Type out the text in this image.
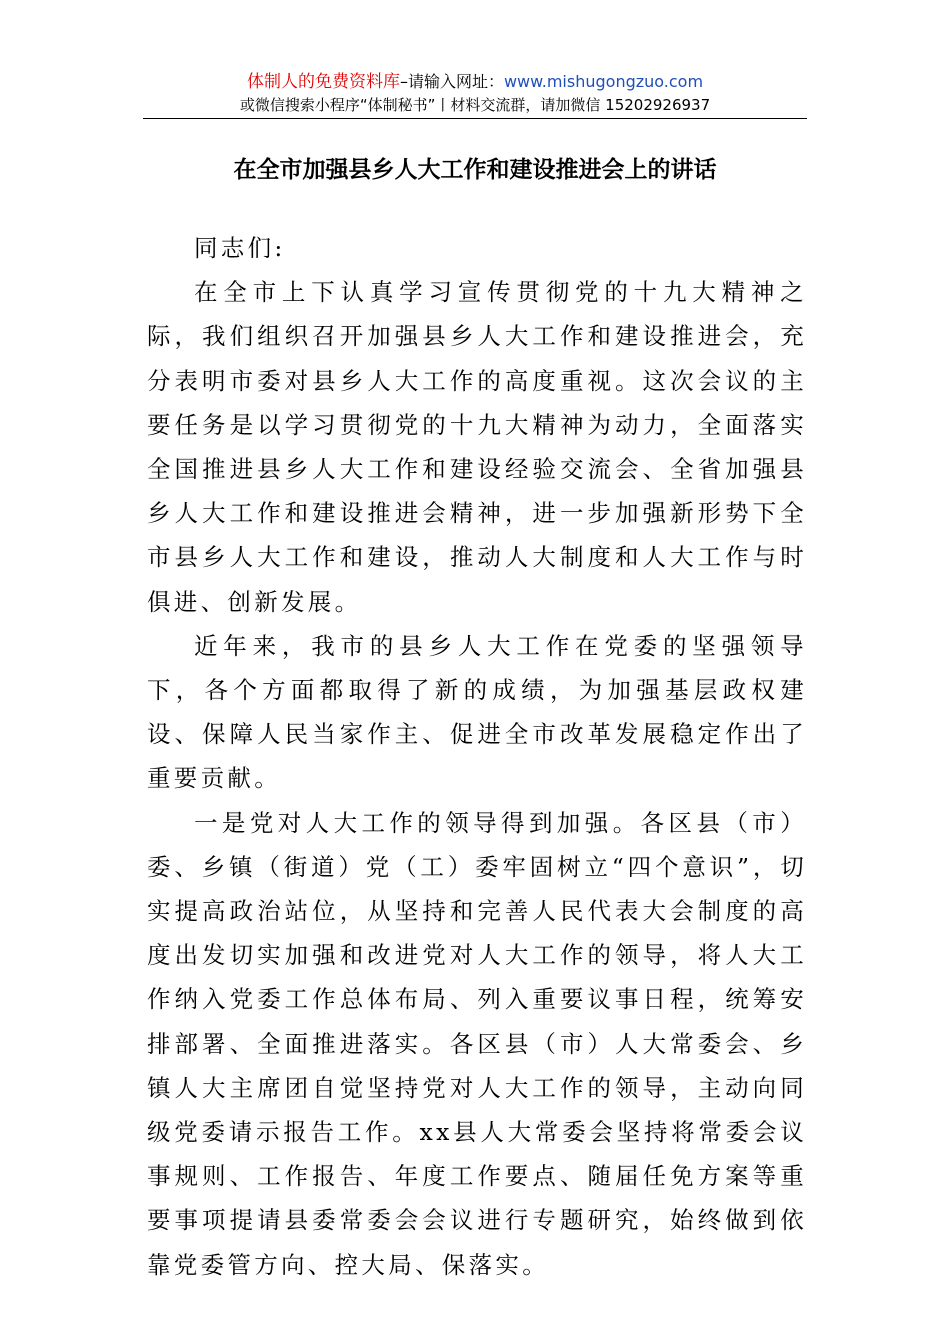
体制人的免费资料库–请输入网址：www.mishugongzuo.com
或微信搜索小程序“体制秘书”丨材料交流群，请加微信 15202926937
在全市加强县乡人大工作和建设推进会上的讲话

同志们:

在全市上下认真学习宣传贯彻党的十九大精神之际，我们组织召开加强县乡人大工作和建设推进会，充分表明市委对县乡人大工作的高度重视。这次会议的主要任务是以学习贯彻党的十九大精神为动力，全面落实全国推进县乡人大工作和建设经验交流会、全省加强县乡人大工作和建设推进会精神，进一步加强新形势下全市县乡人大工作和建设，推动人大制度和人大工作与时俱进、创新发展。

近年来，我市的县乡人大工作在党委的坚强领导下，各个方面都取得了新的成绩，为加强基层政权建设、保障人民当家作主、促进全市改革发展稳定作出了重要贡献。

一是党对人大工作的领导得到加强。各区县（市）委、乡镇（街道）党（工）委牢固树立“四个意识”，切实提高政治站位，从坚持和完善人民代表大会制度的高度出发切实加强和改进党对人大工作的领导，将人大工作纳入党委工作总体布局、列入重要议事日程，统筹安排部署、全面推进落实。各区县（市）人大常委会、乡镇人大主席团自觉坚持党对人大工作的领导，主动向同级党委请示报告工作。xx县人大常委会坚持将常委会议事规则、工作报告、年度工作要点、随届任免方案等重要事项提请县委常委会会议进行专题研究，始终做到依靠党委管方向、控大局、保落实。
